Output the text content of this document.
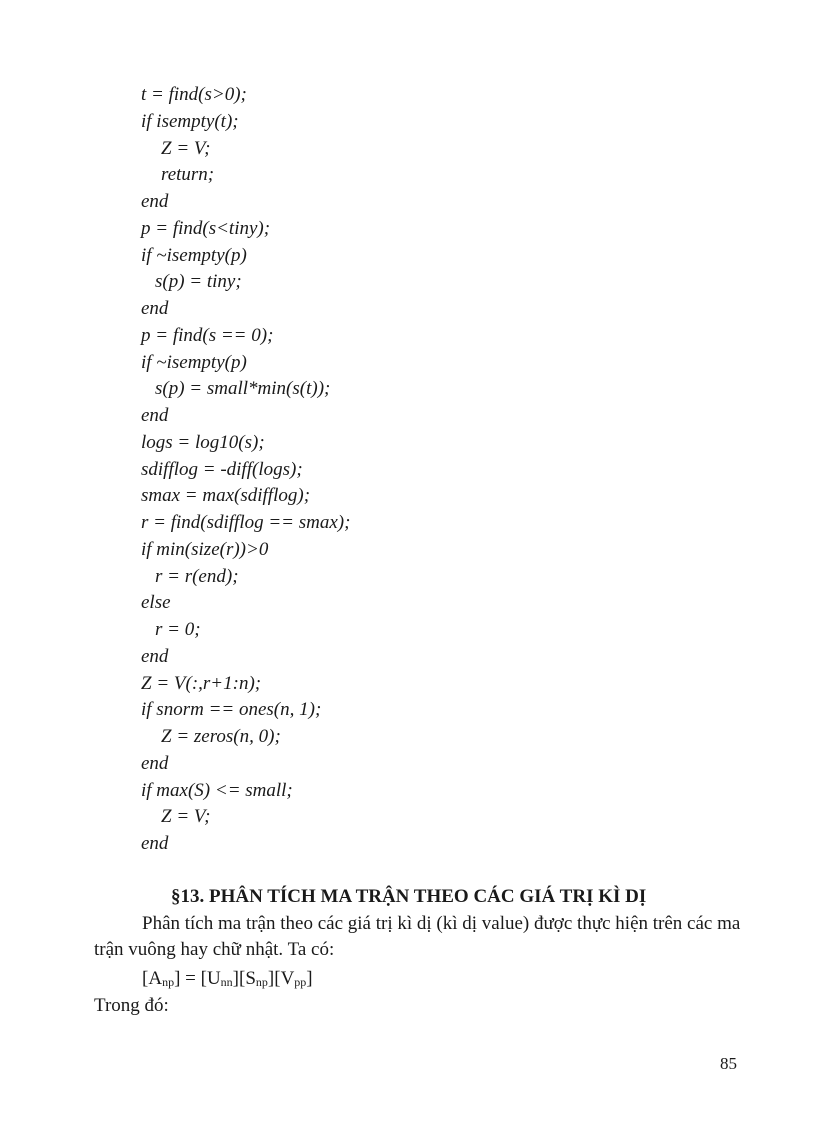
t = find(s>0);
if isempty(t);
Z = V;
return;
end
p = find(s<tiny);
if ~isempty(p)
s(p) = tiny;
end
p = find(s == 0);
if ~isempty(p)
s(p) = small*min(s(t));
end
logs = log10(s);
sdifflog = -diff(logs);
smax = max(sdifflog);
r = find(sdifflog == smax);
if min(size(r))>0
r = r(end);
else
r = 0;
end
Z = V(:,r+1:n);
if snorm == ones(n, 1);
Z = zeros(n, 0);
end
if max(S) <= small;
Z = V;
end
§13. PHÂN TÍCH MA TRẬN THEO CÁC GIÁ TRỊ KÌ DỊ
Phân tích ma trận theo các giá trị kì dị (kì dị value) được thực hiện trên các ma trận vuông hay chữ nhật. Ta có:
$[A_{np}] = [U_{nn}][S_{np}][V_{pp}]$
Trong đó:
85
